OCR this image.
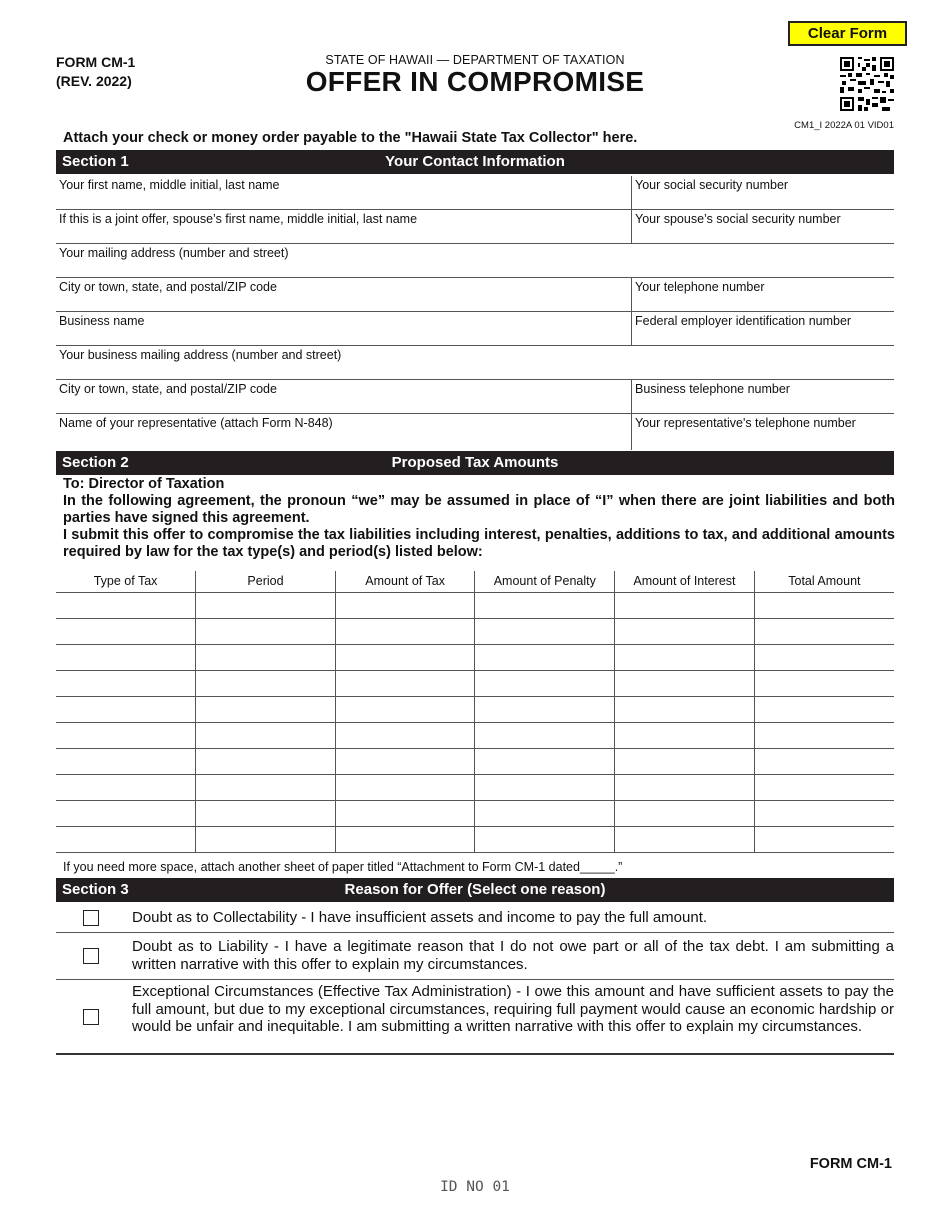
FORM CM-1
(REV. 2022)
STATE OF HAWAII — DEPARTMENT OF TAXATION
OFFER IN COMPROMISE
Clear Form
CM1_I 2022A 01 VID01
Attach your check or money order payable to the "Hawaii State Tax Collector" here.
Section 1	Your Contact Information
Your first name, middle initial, last name	Your social security number
If this is a joint offer, spouse’s first name, middle initial, last name	Your spouse’s social security number
Your mailing address (number and street)
City or town, state, and postal/ZIP code	Your telephone number
Business name	Federal employer identification number
Your business mailing address (number and street)
City or town, state, and postal/ZIP code	Business telephone number
Name of your representative (attach Form N-848)	Your representative's telephone number
Section 2	Proposed Tax Amounts
To: Director of Taxation
In the following agreement, the pronoun “we” may be assumed in place of “I” when there are joint liabilities and both parties have signed this agreement.
I submit this offer to compromise the tax liabilities including interest, penalties, additions to tax, and additional amounts required by law for the tax type(s) and period(s) listed below:
Type of Tax	Period	Amount of Tax	Amount of Penalty	Amount of Interest	Total Amount

If you need more space, attach another sheet of paper titled “Attachment to Form CM-1 dated_____.”
Section 3	Reason for Offer (Select one reason)
Doubt as to Collectability - I have insufficient assets and income to pay the full amount.
Doubt as to Liability - I have a legitimate reason that I do not owe part or all of the tax debt. I am submitting a written narrative with this offer to explain my circumstances.
Exceptional Circumstances (Effective Tax Administration) - I owe this amount and have sufficient assets to pay the full amount, but due to my exceptional circumstances, requiring full payment would cause an economic hardship or would be unfair and inequitable. I am submitting a written narrative with this offer to explain my circumstances.
FORM CM-1
ID NO 01
